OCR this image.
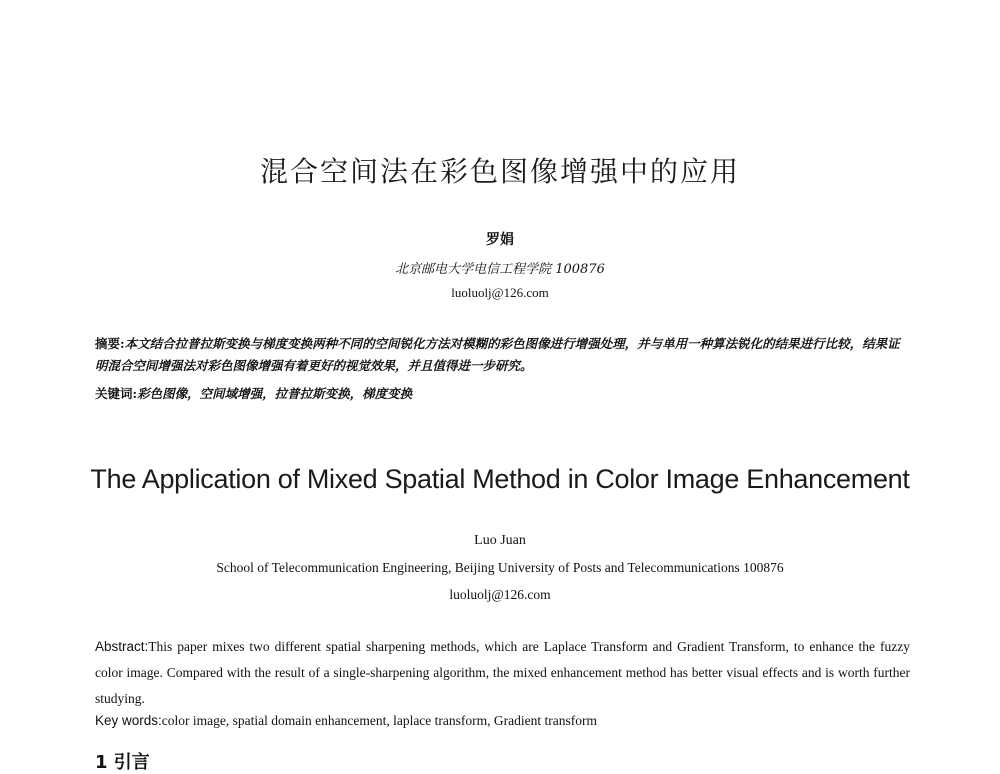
混合空间法在彩色图像增强中的应用
罗娟
北京邮电大学电信工程学院 100876
luoluolj@126.com
摘要:本文结合拉普拉斯变换与梯度变换两种不同的空间锐化方法对模糊的彩色图像进行增强处理，并与单用一种算法锐化的结果进行比较，结果证明混合空间增强法对彩色图像增强有着更好的视觉效果，并且值得进一步研究。
关键词:彩色图像，空间域增强，拉普拉斯变换，梯度变换
The Application of Mixed Spatial Method in Color Image Enhancement
Luo Juan
School of Telecommunication Engineering, Beijing University of Posts and Telecommunications 100876
luoluolj@126.com
Abstract:This paper mixes two different spatial sharpening methods, which are Laplace Transform and Gradient Transform, to enhance the fuzzy color image. Compared with the result of a single-sharpening algorithm, the mixed enhancement method has better visual effects and is worth further studying.
Key words:color image, spatial domain enhancement, laplace transform, Gradient transform
1 引言
